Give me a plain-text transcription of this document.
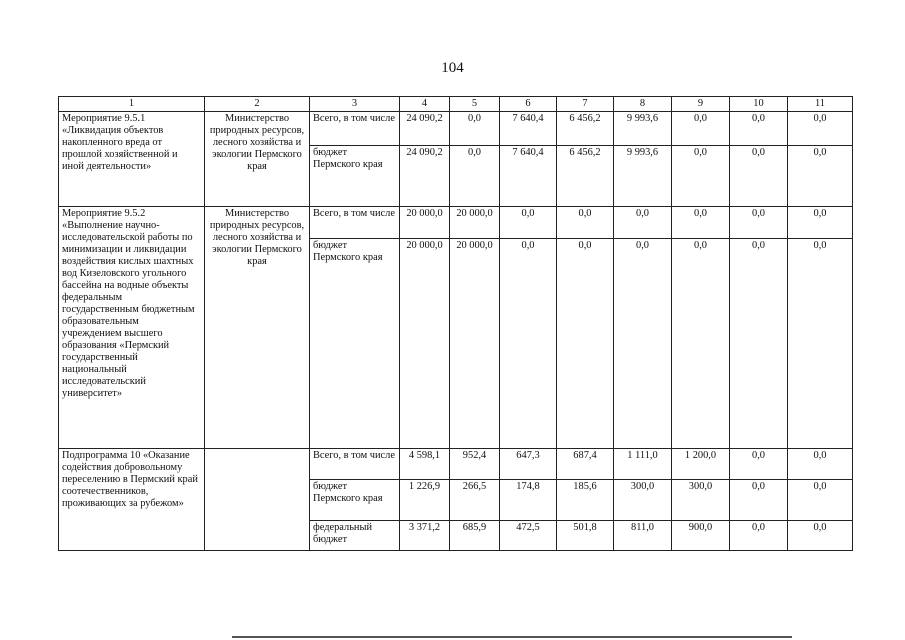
104
1	2	3	4	5	6	7	8	9	10	11
Мероприятие 9.5.1 «Ликвидация объектов накопленного вреда от прошлой хозяйственной и иной деятельности»	Министерство природных ресурсов, лесного хозяйства и экологии Пермского края	Всего, в том числе	24 090,2	0,0	7 640,4	6 456,2	9 993,6	0,0	0,0	0,0
		бюджет Пермского края	24 090,2	0,0	7 640,4	6 456,2	9 993,6	0,0	0,0	0,0
Мероприятие 9.5.2 «Выполнение научно-исследовательской работы по минимизации и ликвидации воздействия кислых шахтных вод Кизеловского угольного бассейна на водные объекты федеральным государственным бюджетным образовательным учреждением высшего образования «Пермский государственный национальный исследовательский университет»	Министерство природных ресурсов, лесного хозяйства и экологии Пермского края	Всего, в том числе	20 000,0	20 000,0	0,0	0,0	0,0	0,0	0,0	0,0
		бюджет Пермского края	20 000,0	20 000,0	0,0	0,0	0,0	0,0	0,0	0,0
Подпрограмма 10 «Оказание содействия добровольному переселению в Пермский край соотечественников, проживающих за рубежом»		Всего, в том числе	4 598,1	952,4	647,3	687,4	1 111,0	1 200,0	0,0	0,0
		бюджет Пермского края	1 226,9	266,5	174,8	185,6	300,0	300,0	0,0	0,0
		федеральный бюджет	3 371,2	685,9	472,5	501,8	811,0	900,0	0,0	0,0
